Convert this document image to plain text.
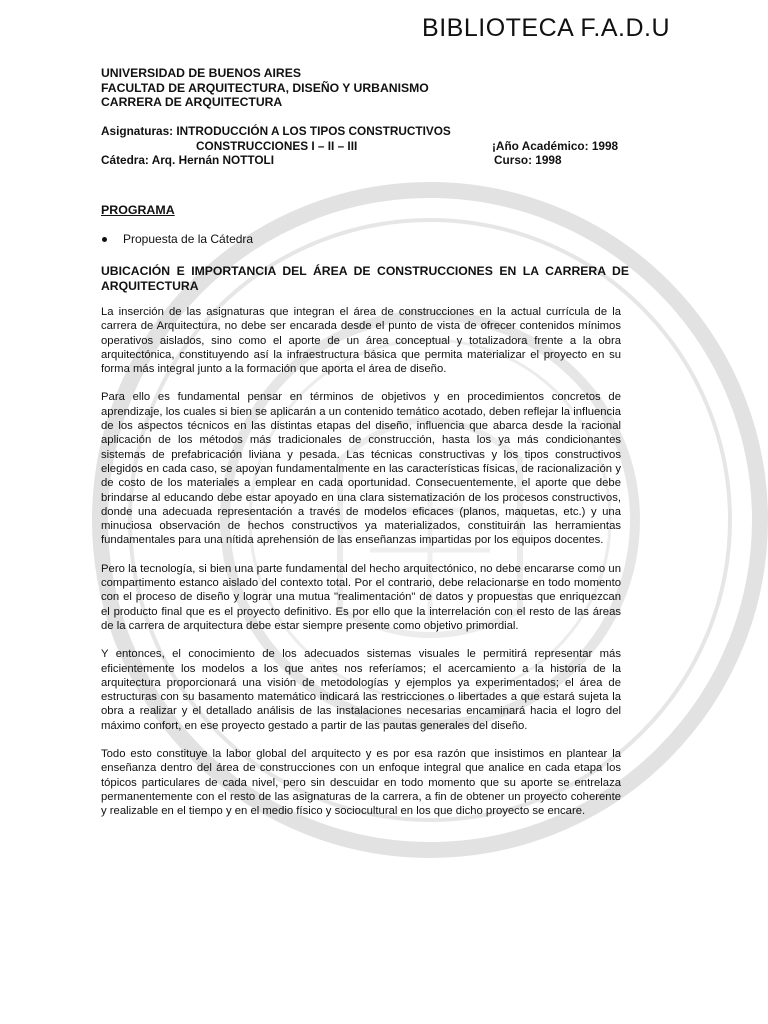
BIBLIOTECA F.A.D.U
UNIVERSIDAD DE BUENOS AIRES
FACULTAD DE ARQUITECTURA, DISEÑO Y URBANISMO
CARRERA DE ARQUITECTURA
Asignaturas: INTRODUCCIÓN A LOS TIPOS CONSTRUCTIVOS
CONSTRUCCIONES I – II – III	¡Año Académico: 1998
Cátedra: Arq. Hernán NOTTOLI	Curso: 1998
PROGRAMA
Propuesta de la Cátedra
UBICACIÓN E IMPORTANCIA DEL ÁREA DE CONSTRUCCIONES EN LA CARRERA DE ARQUITECTURA

La inserción de las asignaturas que integran el área de construcciones en la actual currícula de la carrera de Arquitectura, no debe ser encarada desde el punto de vista de ofrecer contenidos mínimos operativos aislados, sino como el aporte de un área conceptual y totalizadora frente a la obra arquitectónica, constituyendo así la infraestructura básica que permita materializar el proyecto en su forma más integral junto a la formación que aporta el área de diseño.

Para ello es fundamental pensar en términos de objetivos y en procedimientos concretos de aprendizaje, los cuales si bien se aplicarán a un contenido temático acotado, deben reflejar la influencia de los aspectos técnicos en las distintas etapas del diseño, influencia que abarca desde la racional aplicación de los métodos más tradicionales de construcción, hasta los ya más condicionantes sistemas de prefabricación liviana y pesada. Las técnicas constructivas y los tipos constructivos elegidos en cada caso, se apoyan fundamentalmente en las características físicas, de racionalización y de costo de los materiales a emplear en cada oportunidad. Consecuentemente, el aporte que debe brindarse al educando debe estar apoyado en una clara sistematización de los procesos constructivos, donde una adecuada representación a través de modelos eficaces (planos, maquetas, etc.) y una minuciosa observación de hechos constructivos ya materializados, constituirán las herramientas fundamentales para una nítida aprehensión de las enseñanzas impartidas por los equipos docentes.

Pero la tecnología, si bien una parte fundamental del hecho arquitectónico, no debe encararse como un compartimento estanco aislado del contexto total. Por el contrario, debe relacionarse en todo momento con el proceso de diseño y lograr una mutua "realimentación" de datos y propuestas que enriquezcan el producto final que es el proyecto definitivo. Es por ello que la interrelación con el resto de las áreas de la carrera de arquitectura debe estar siempre presente como objetivo primordial.

Y entonces, el conocimiento de los adecuados sistemas visuales le permitirá representar más eficientemente los modelos a los que antes nos referíamos; el acercamiento a la historia de la arquitectura proporcionará una visión de metodologías y ejemplos ya experimentados; el área de estructuras con su basamento matemático indicará las restricciones o libertades a que estará sujeta la obra a realizar y el detallado análisis de las instalaciones necesarias encaminará hacia el logro del máximo confort, en ese proyecto gestado a partir de las pautas generales del diseño.

Todo esto constituye la labor global del arquitecto y es por esa razón que insistimos en plantear la enseñanza dentro del área de construcciones con un enfoque integral que analice en cada etapa los tópicos particulares de cada nivel, pero sin descuidar en todo momento que su aporte se entrelaza permanentemente con el resto de las asignaturas de la carrera, a fin de obtener un proyecto coherente y realizable en el tiempo y en el medio físico y sociocultural en los que dicho proyecto se encare.
